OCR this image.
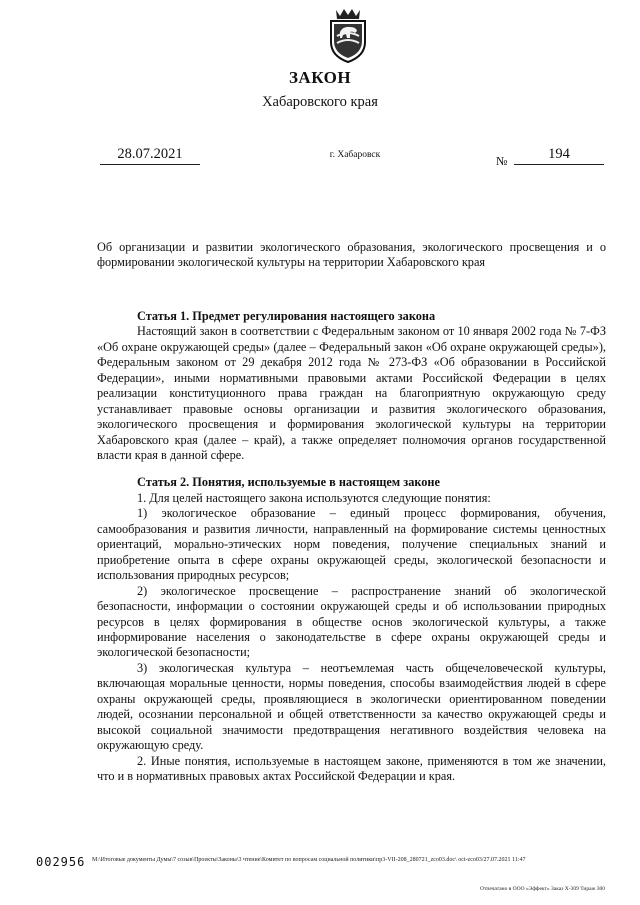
ЗАКОН
Хабаровского края
28.07.2021	г. Хабаровск	№	194

Об организации и развитии экологического образования, экологического просвещения и о формировании экологической культуры на территории Хабаровского края

Статья 1. Предмет регулирования настоящего закона

Настоящий закон в соответствии с Федеральным законом от 10 января 2002 года № 7-ФЗ «Об охране окружающей среды» (далее – Федеральный закон «Об охране окружающей среды»), Федеральным законом от 29 декабря 2012 года № 273-ФЗ «Об образовании в Российской Федерации», иными нормативными правовыми актами Российской Федерации в целях реализации конституционного права граждан на благоприятную окружающую среду устанавливает правовые основы организации и развития экологического образования, экологического просвещения и формирования экологической культуры на территории Хабаровского края (далее – край), а также определяет полномочия органов государственной власти края в данной сфере.

Статья 2. Понятия, используемые в настоящем законе

1. Для целей настоящего закона используются следующие понятия:

1) экологическое образование – единый процесс формирования, обучения, самообразования и развития личности, направленный на формирование системы ценностных ориентаций, морально-этических норм поведения, получение специальных знаний и приобретение опыта в сфере охраны окружающей среды, экологической безопасности и использования природных ресурсов;

2) экологическое просвещение – распространение знаний об экологической безопасности, информации о состоянии окружающей среды и об использовании природных ресурсов в целях формирования в обществе основ экологической культуры, а также информирование населения о законодательстве в сфере охраны окружающей среды и экологической безопасности;

3) экологическая культура – неотъемлемая часть общечеловеческой культуры, включающая моральные ценности, нормы поведения, способы взаимодействия людей в сфере охраны окружающей среды, проявляющиеся в экологически ориентированном поведении людей, осознании персональной и общей ответственности за качество окружающей среды и высокой социальной значимости предотвращения негативного воздействия человека на окружающую среду.

2. Иные понятия, используемые в настоящем законе, применяются в том же значении, что и в нормативных правовых актах Российской Федерации и края.

002956 M:\Итоговые документы Думы\7 созыв\Проекты\Законы\3 чтение\Комитет по вопросам социальной политики\пр3-VII-208_280721_zco03.doc\ oct-zco03/27.07.2021 11:47
Отпечатано в ООО «Эффект» Заказ Х-309 Тираж 300
